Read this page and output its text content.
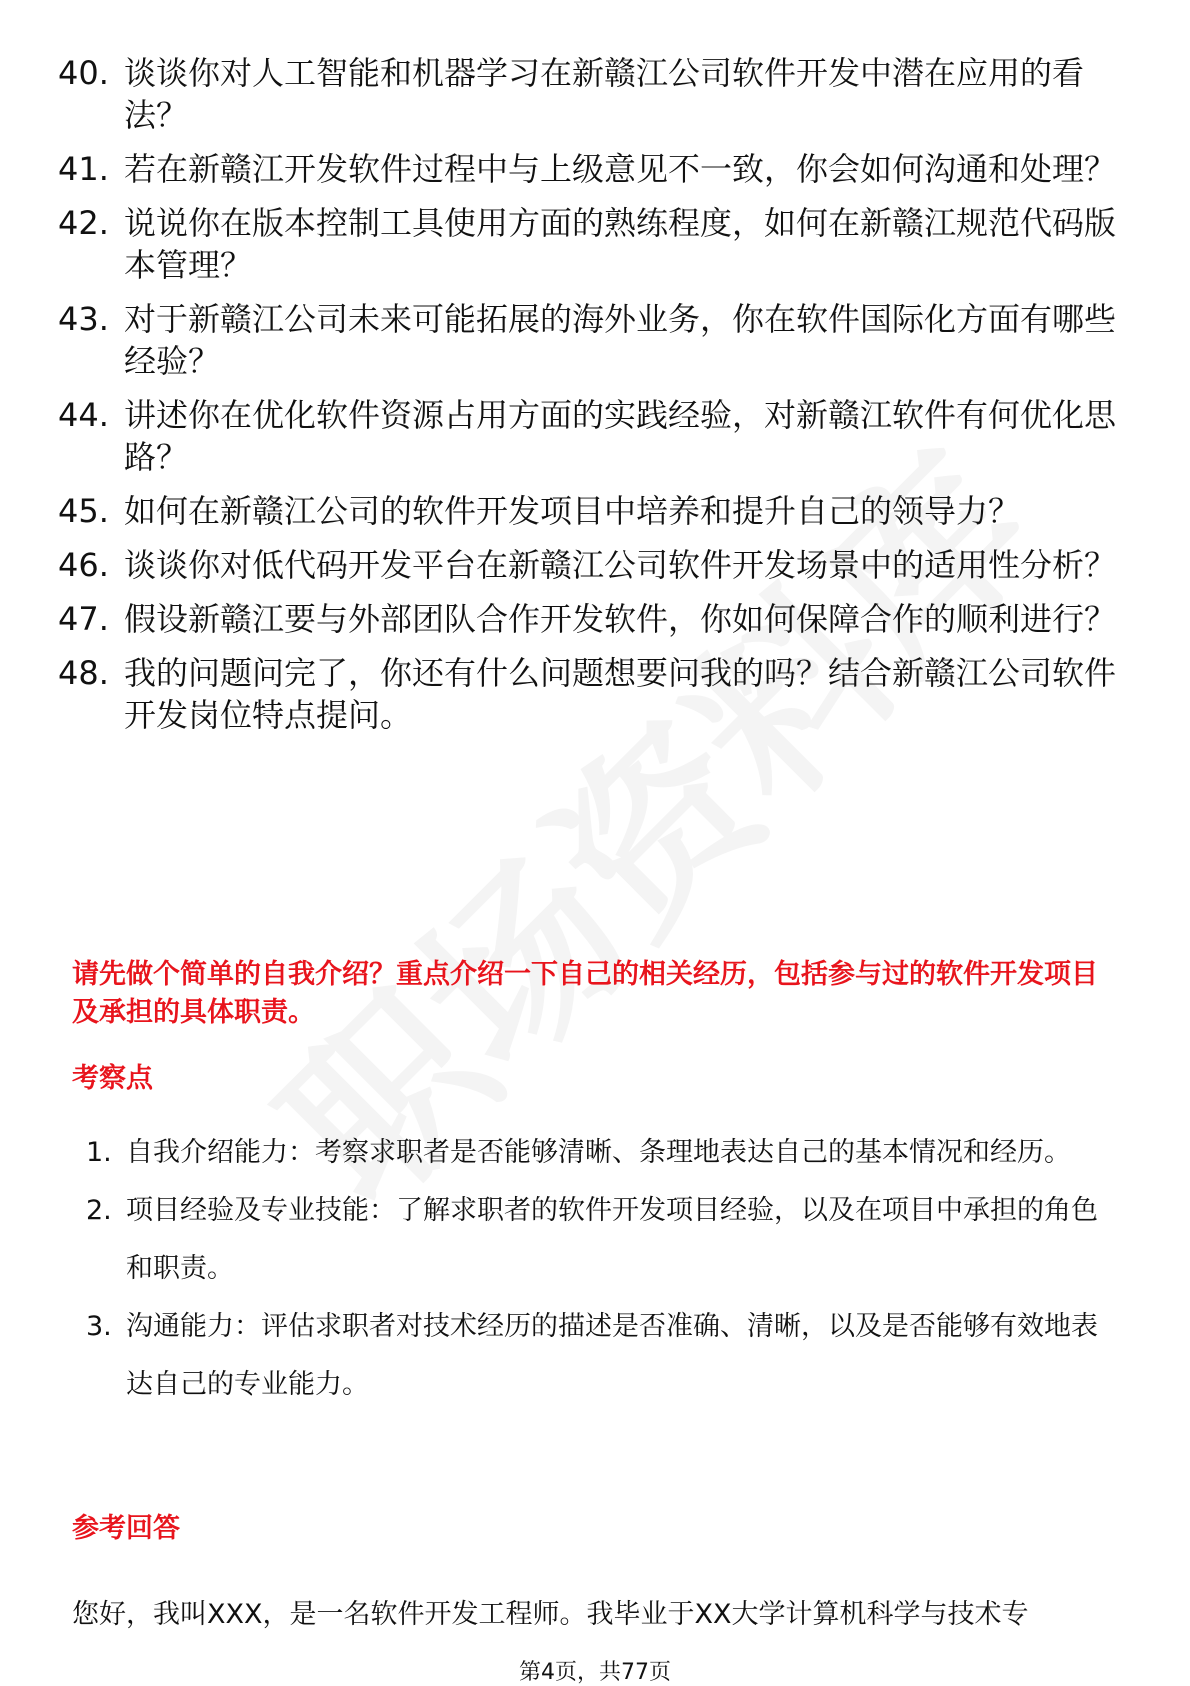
40. 谈谈你对人工智能和机器学习在新赣江公司软件开发中潜在应用的看法？
41. 若在新赣江开发软件过程中与上级意见不一致，你会如何沟通和处理？
42. 说说你在版本控制工具使用方面的熟练程度，如何在新赣江规范代码版本管理？
43. 对于新赣江公司未来可能拓展的海外业务，你在软件国际化方面有哪些经验？
44. 讲述你在优化软件资源占用方面的实践经验，对新赣江软件有何优化思路？
45. 如何在新赣江公司的软件开发项目中培养和提升自己的领导力？
46. 谈谈你对低代码开发平台在新赣江公司软件开发场景中的适用性分析？
47. 假设新赣江要与外部团队合作开发软件，你如何保障合作的顺利进行？
48. 我的问题问完了，你还有什么问题想要问我的吗？结合新赣江公司软件开发岗位特点提问。
请先做个简单的自我介绍？重点介绍一下自己的相关经历，包括参与过的软件开发项目及承担的具体职责。
考察点
1. 自我介绍能力：考察求职者是否能够清晰、条理地表达自己的基本情况和经历。
2. 项目经验及专业技能：了解求职者的软件开发项目经验，以及在项目中承担的角色和职责。
3. 沟通能力：评估求职者对技术经历的描述是否准确、清晰，以及是否能够有效地表达自己的专业能力。
参考回答
您好，我叫XXX，是一名软件开发工程师。我毕业于XX大学计算机科学与技术专
第4页，共77页
